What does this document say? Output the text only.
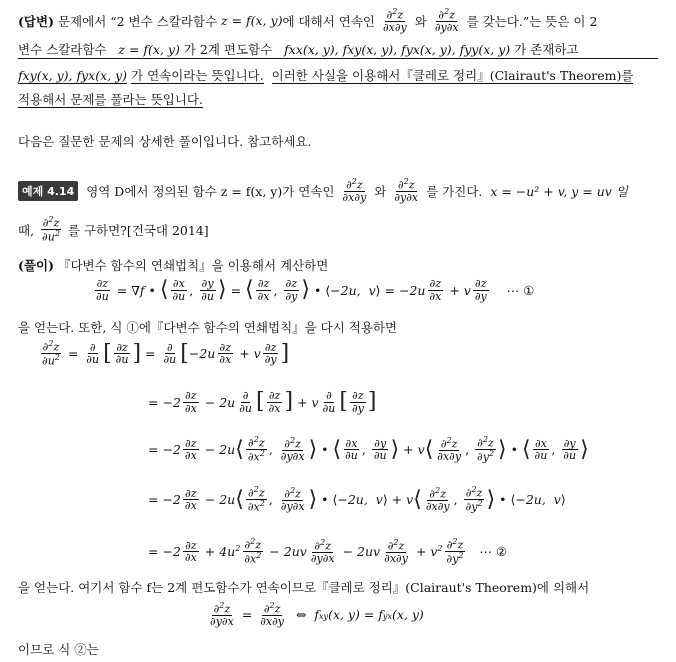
(답변)
문제에서 “2 변수 스칼라함수
z = f(x, y) 에 대해서 연속인
$\frac{\partial^2z}{\partial x\partial y}$
와
$\frac{\partial^2z}{\partial y\partial x}$
를 갖는다.”는 뜻은 이 2
변수 스칼라함수 z = f(x, y) 가 2계 편도함수 fxx(x, y), fxy(x, y), fyx(x, y), fyy(x, y) 가 존재하고
fxy(x, y), fyx(x, y) 가 연속이라는 뜻입니다. 이러한 사실을 이용해서『클레로 정리』(Clairaut's Theorem)를
적용해서 문제를 풀라는 뜻입니다.
다음은 질문한 문제의 상세한 풀이입니다. 참고하세요.
예제 4.14
영역 D에서 정의된 함수 z = f(x, y)가 연속인
$\frac{\partial^2z}{\partial x\partial y}$
와
$\frac{\partial^2z}{\partial y\partial x}$
를 가진다.
x = −u² + v, y = uv 일
때,
$\frac{\partial^2z}{\partial u^2}$
를 구하면?[건국대 2014]
(풀이) 『다변수 함수의 연쇄법칙』을 이용해서 계산하면
$\frac{\partial z}{\partial u} = \nabla f$ • ⟨ $\frac{\partial x}{\partial u}$ , $\frac{\partial y}{\partial u}$ ⟩ = ⟨ $\frac{\partial z}{\partial x}$ , $\frac{\partial z}{\partial y}$ ⟩ • ⟨ −2u,  v ⟩ = $-2u \frac{\partial z}{\partial x} + v \frac{\partial z}{\partial y}$
⋯ ①
을 얻는다. 또한, 식 ①에『다변수 함수의 연쇄법칙』을 다시 적용하면
$\frac{\partial^2z}{\partial u^2} = \frac{\partial}{\partial u}$ [ $\frac{\partial z}{\partial u}$ ] = $\frac{\partial}{\partial u}$ [ $-2u \frac{\partial z}{\partial x} + v \frac{\partial z}{\partial y}$ ]
= $-2 \frac{\partial z}{\partial x} - 2u \frac{\partial}{\partial u}$ [ $\frac{\partial z}{\partial x}$ ] + v $\frac{\partial}{\partial u}$ [ $\frac{\partial z}{\partial y}$ ]
= $-2 \frac{\partial z}{\partial x} - 2u$ ⟨ $\frac{\partial^2z}{\partial x^2}$ , $\frac{\partial^2z}{\partial y\partial x}$ ⟩ • ⟨ $\frac{\partial x}{\partial u}$ , $\frac{\partial y}{\partial u}$ ⟩ + v ⟨ $\frac{\partial^2z}{\partial x\partial y}$ , $\frac{\partial^2z}{\partial y^2}$ ⟩ • ⟨ $\frac{\partial x}{\partial u}$ , $\frac{\partial y}{\partial u}$ ⟩
= $-2 \frac{\partial z}{\partial x} - 2u$ ⟨ $\frac{\partial^2z}{\partial x^2}$ , $\frac{\partial^2z}{\partial y\partial x}$ ⟩ • ⟨ −2u,  v ⟩ + v ⟨ $\frac{\partial^2z}{\partial x\partial y}$ , $\frac{\partial^2z}{\partial y^2}$ ⟩ • ⟨ −2u,  v ⟩
= $-2 \frac{\partial z}{\partial x} + 4u^2 \frac{\partial^2z}{\partial x^2} - 2uv \frac{\partial^2z}{\partial y\partial x} - 2uv \frac{\partial^2z}{\partial x\partial y} + v^2 \frac{\partial^2z}{\partial y^2}$
⋯ ②
을 얻는다. 여기서 함수 f는 2계 편도함수가 연속이므로『클레로 정리』(Clairaut's Theorem)에 의해서
$\frac{\partial^2z}{\partial y\partial x} = \frac{\partial^2z}{\partial x\partial y}$ ⇔ fxy(x, y) = fyx(x, y)
이므로 식 ②는
